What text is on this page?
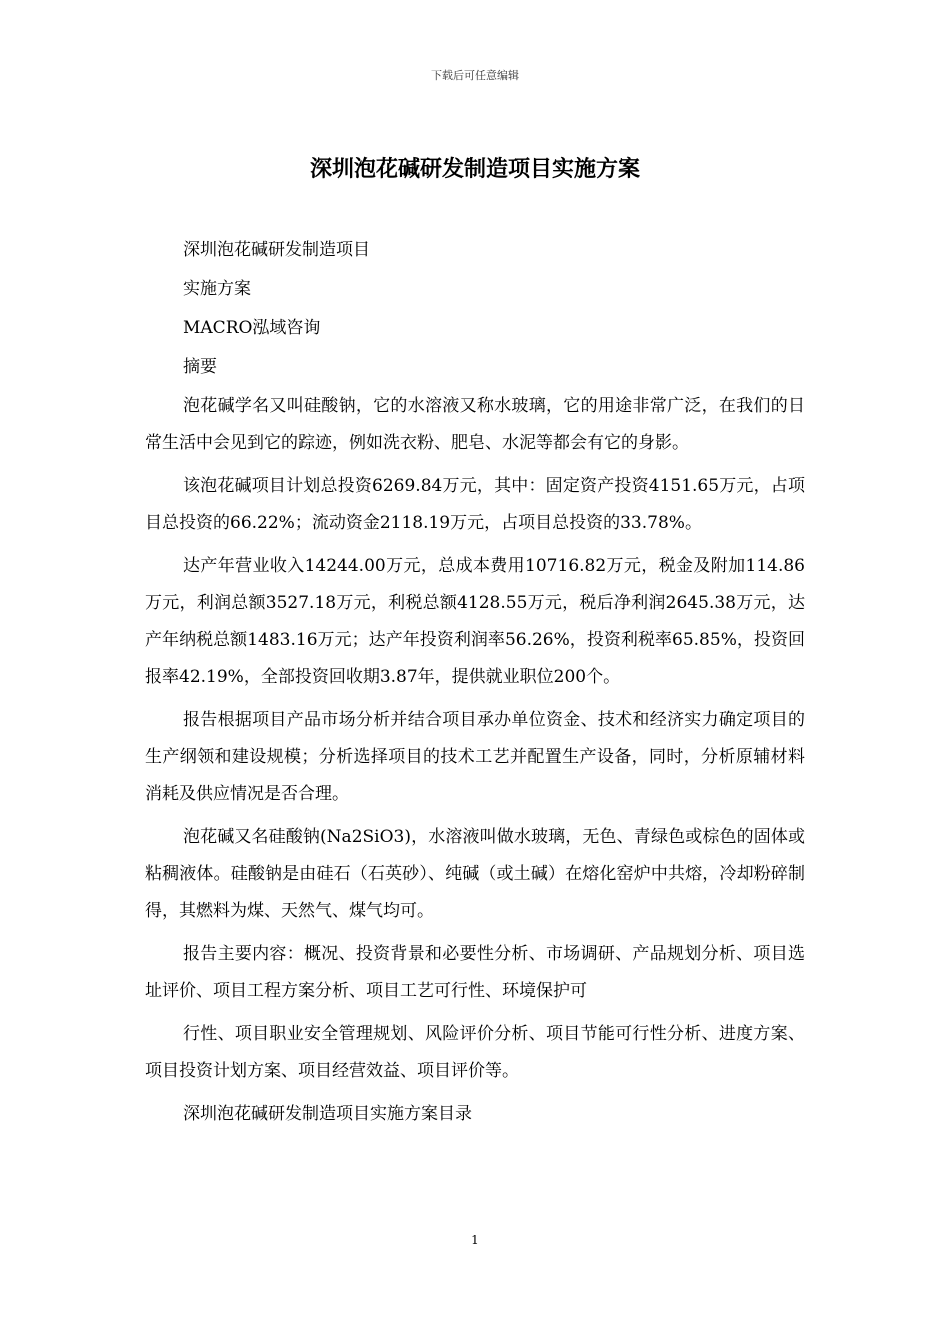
下载后可任意编辑
深圳泡花碱研发制造项目实施方案

深圳泡花碱研发制造项目

实施方案

MACRO泓域咨询

摘要

泡花碱学名又叫硅酸钠，它的水溶液又称水玻璃，它的用途非常广泛，在我们的日常生活中会见到它的踪迹，例如洗衣粉、肥皂、水泥等都会有它的身影。

该泡花碱项目计划总投资6269.84万元，其中：固定资产投资4151.65万元，占项目总投资的66.22%；流动资金2118.19万元，占项目总投资的33.78%。

达产年营业收入14244.00万元，总成本费用10716.82万元，税金及附加114.86万元，利润总额3527.18万元，利税总额4128.55万元，税后净利润2645.38万元，达产年纳税总额1483.16万元；达产年投资利润率56.26%，投资利税率65.85%，投资回报率42.19%，全部投资回收期3.87年，提供就业职位200个。

报告根据项目产品市场分析并结合项目承办单位资金、技术和经济实力确定项目的生产纲领和建设规模；分析选择项目的技术工艺并配置生产设备，同时，分析原辅材料消耗及供应情况是否合理。

泡花碱又名硅酸钠(Na2SiO3)，水溶液叫做水玻璃，无色、青绿色或棕色的固体或粘稠液体。硅酸钠是由硅石（石英砂）、纯碱（或土碱）在熔化窑炉中共熔，冷却粉碎制得，其燃料为煤、天然气、煤气均可。

报告主要内容：概况、投资背景和必要性分析、市场调研、产品规划分析、项目选址评价、项目工程方案分析、项目工艺可行性、环境保护可

行性、项目职业安全管理规划、风险评价分析、项目节能可行性分析、进度方案、项目投资计划方案、项目经营效益、项目评价等。

深圳泡花碱研发制造项目实施方案目录

1
